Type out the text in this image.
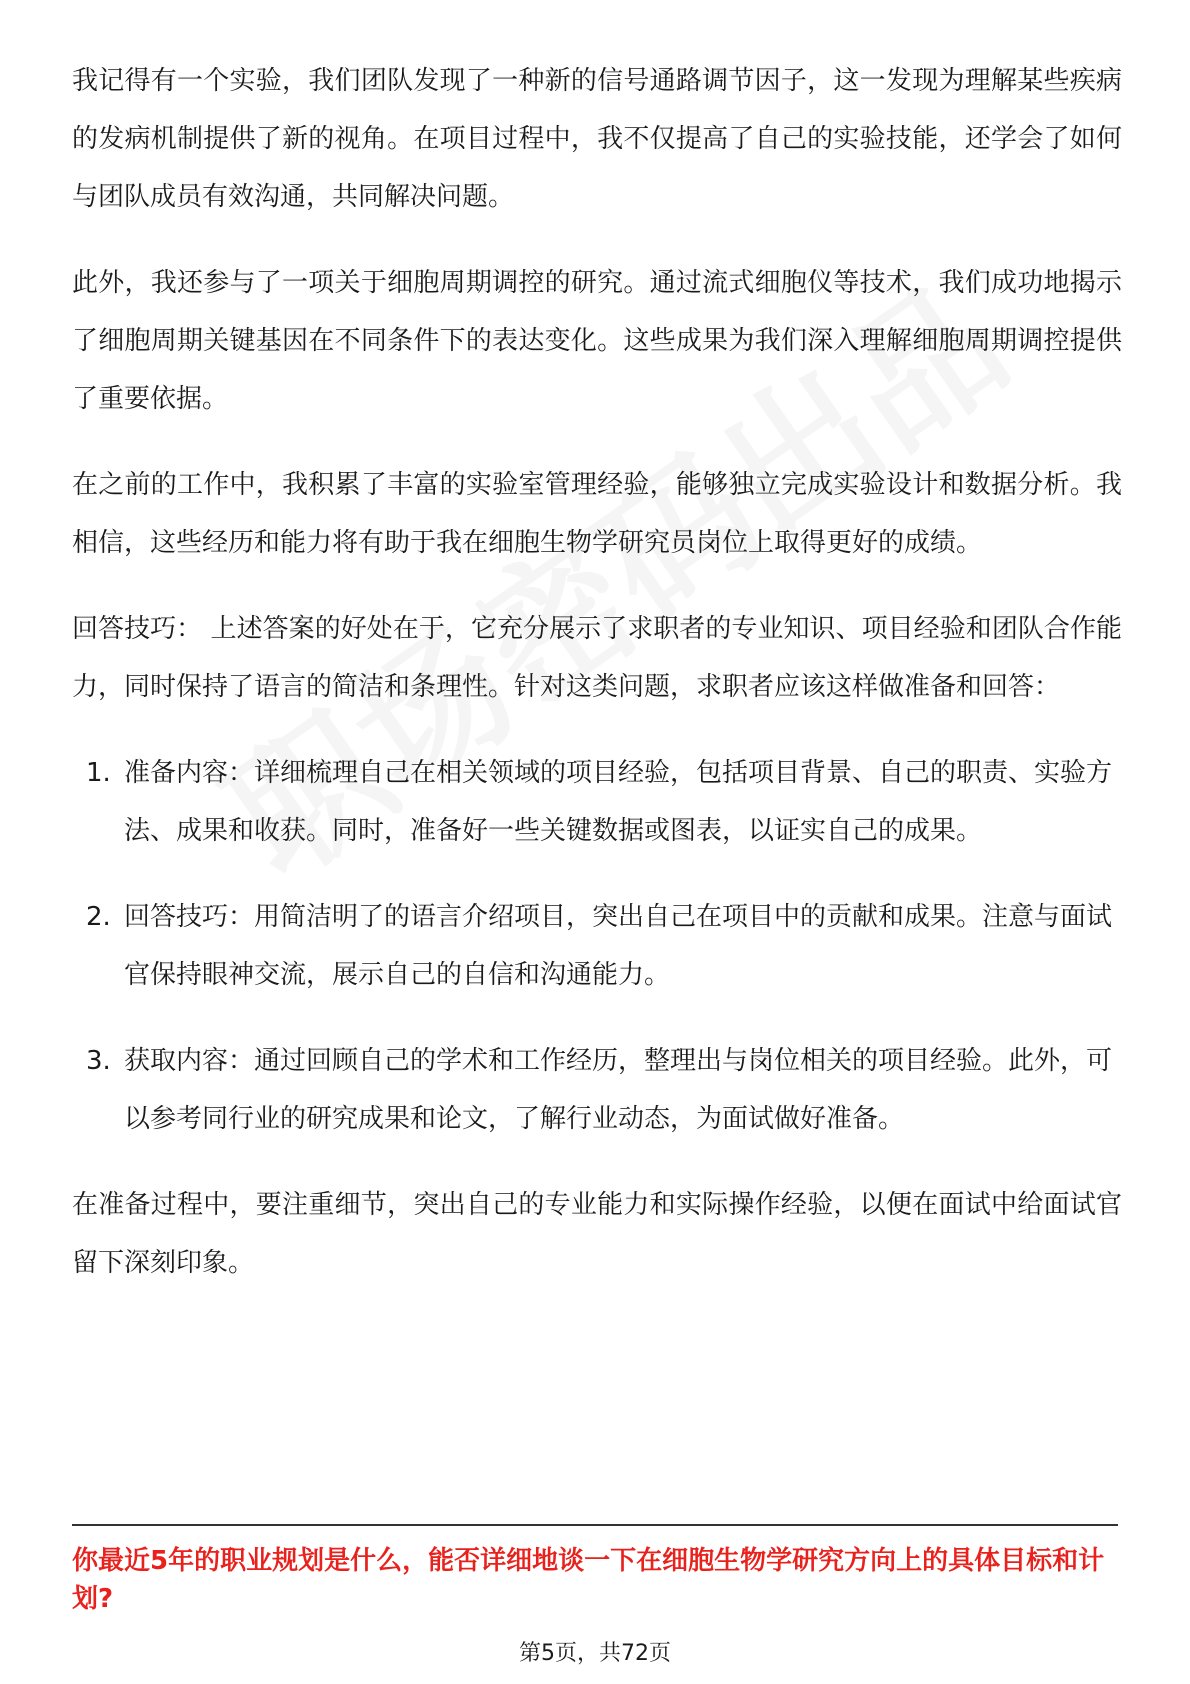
我记得有一个实验，我们团队发现了一种新的信号通路调节因子，这一发现为理解某些疾病的发病机制提供了新的视角。在项目过程中，我不仅提高了自己的实验技能，还学会了如何与团队成员有效沟通，共同解决问题。

此外，我还参与了一项关于细胞周期调控的研究。通过流式细胞仪等技术，我们成功地揭示了细胞周期关键基因在不同条件下的表达变化。这些成果为我们深入理解细胞周期调控提供了重要依据。

在之前的工作中，我积累了丰富的实验室管理经验，能够独立完成实验设计和数据分析。我相信，这些经历和能力将有助于我在细胞生物学研究员岗位上取得更好的成绩。

回答技巧： 上述答案的好处在于，它充分展示了求职者的专业知识、项目经验和团队合作能力，同时保持了语言的简洁和条理性。针对这类问题，求职者应该这样做准备和回答：

1. 准备内容：详细梳理自己在相关领域的项目经验，包括项目背景、自己的职责、实验方法、成果和收获。同时，准备好一些关键数据或图表，以证实自己的成果。
2. 回答技巧：用简洁明了的语言介绍项目，突出自己在项目中的贡献和成果。注意与面试官保持眼神交流，展示自己的自信和沟通能力。
3. 获取内容：通过回顾自己的学术和工作经历，整理出与岗位相关的项目经验。此外，可以参考同行业的研究成果和论文，了解行业动态，为面试做好准备。

在准备过程中，要注重细节，突出自己的专业能力和实际操作经验，以便在面试中给面试官留下深刻印象。

你最近5年的职业规划是什么，能否详细地谈一下在细胞生物学研究方向上的具体目标和计划?
第5页，共72页
